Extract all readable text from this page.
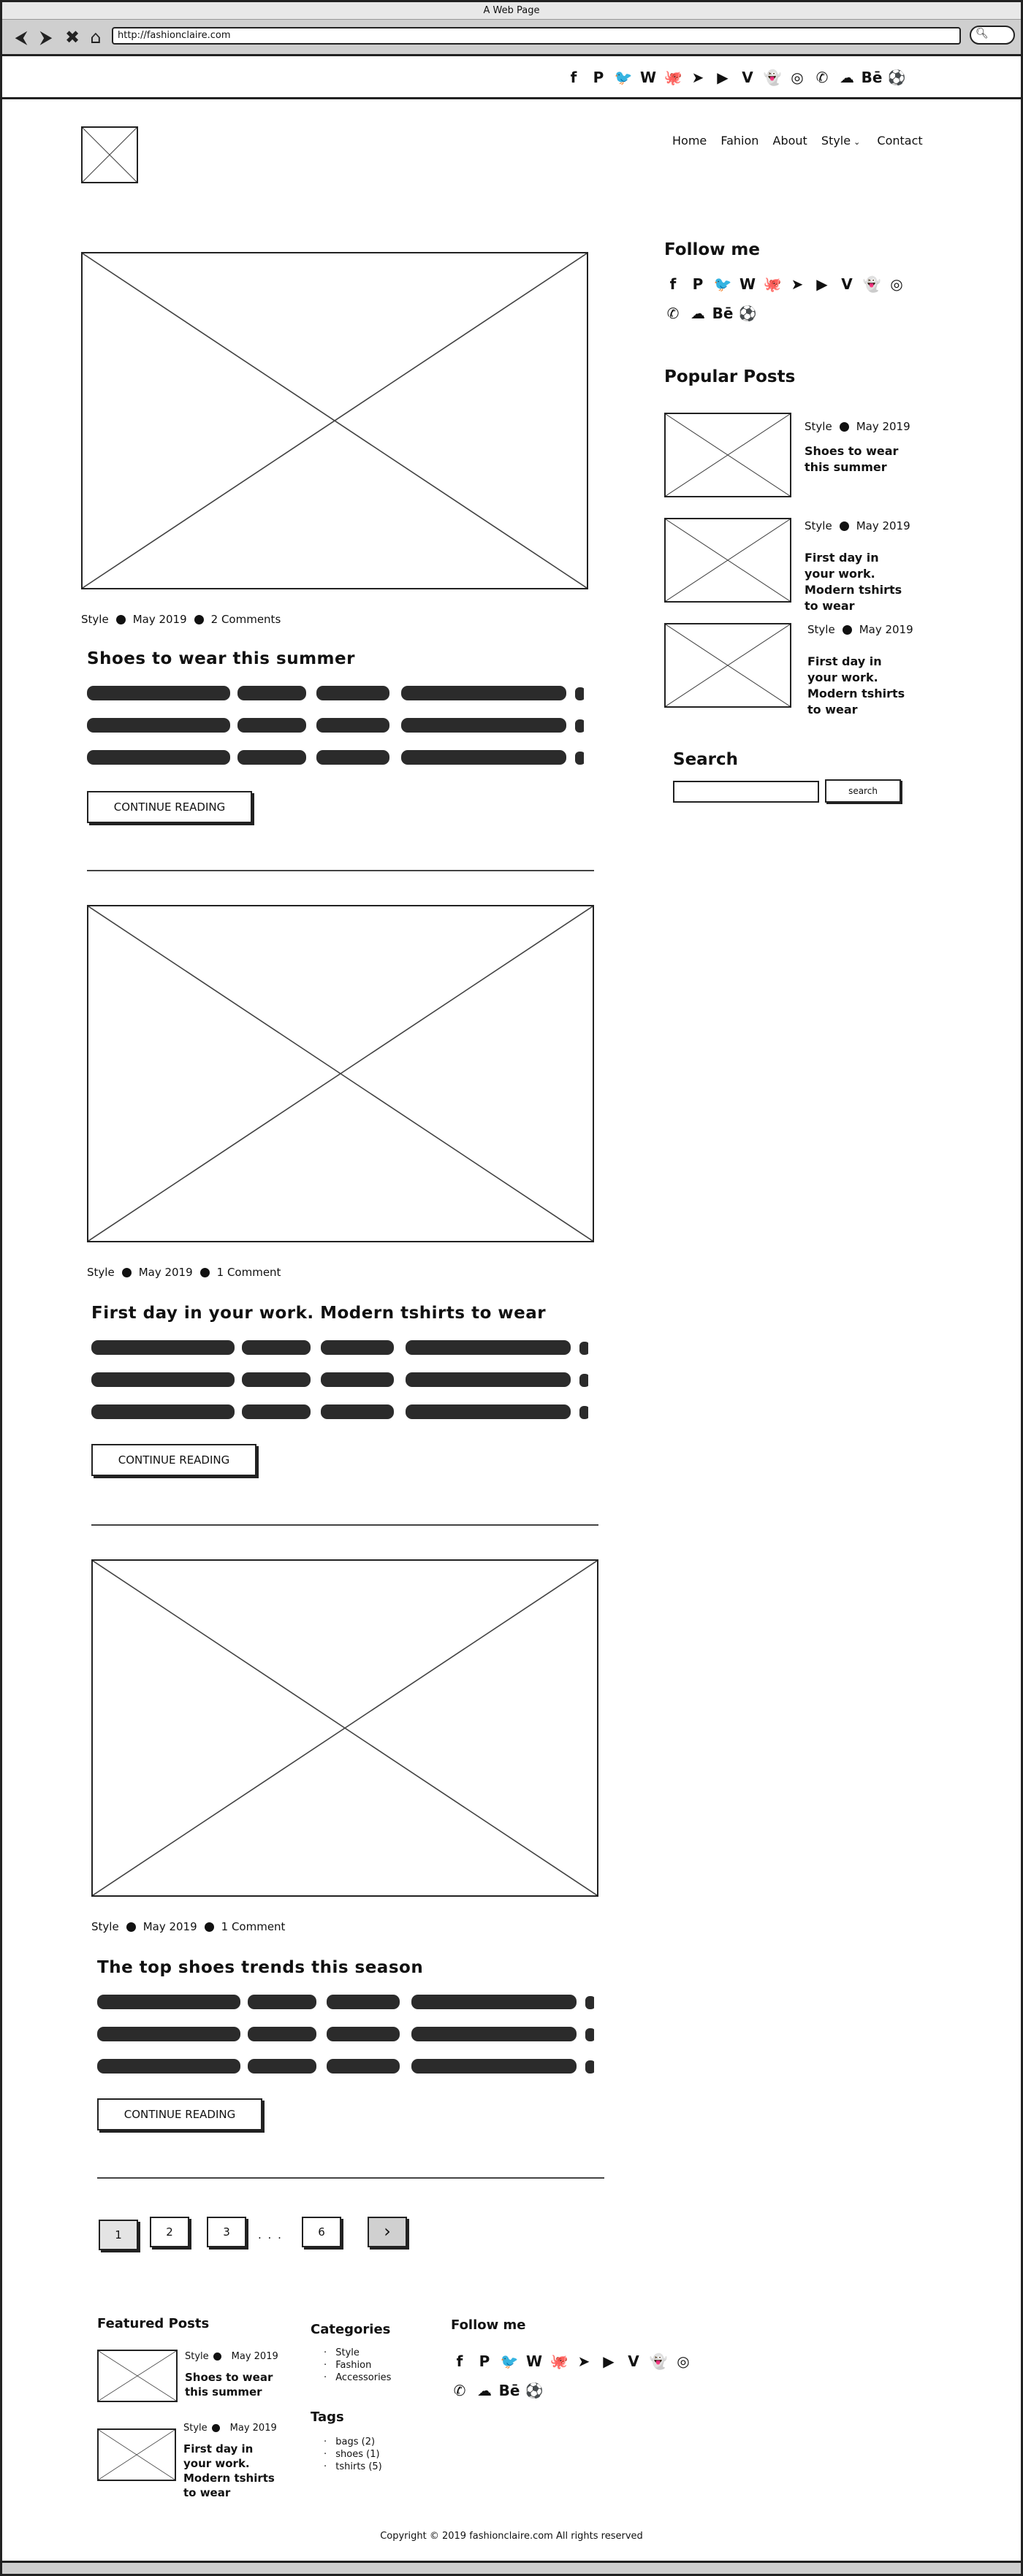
A Web Page
⮜ ⮞ ✖ ⌂	http://fashionclaire.com	🔍︎
f	𝗣 🐦 W 🐙 ➤ ▶ V 👻 ◎ ✆ ☁ Bē ⚽
Home Fahion About Style ⌄ Contact
Style May 2019 2 Comments
Shoes to wear this summer
CONTINUE READING
Style May 2019 1 Comment
First day in your work. Modern tshirts to wear
CONTINUE READING
Style May 2019 1 Comment
The top shoes trends this season
CONTINUE READING
Follow me
f	𝗣 🐦 W 🐙 ➤ ▶ V 👻 ◎
✆ ☁ Bē ⚽
Popular Posts
Style May 2019
Shoes to wear this summer
Style May 2019
First day in your work. Modern tshirts to wear
Style May 2019
First day in your work. Modern tshirts to wear
Search
search
1	2	3	. . .	6	›
Featured Posts
Style May 2019
Shoes to wear this summer
Style May 2019
First day in your work. Modern tshirts to wear
Categories
· Style
· Fashion
· Accessories
Tags
· bags (2)
· shoes (1)
· tshirts (5)
Follow me
f	𝗣 🐦 W 🐙 ➤ ▶ V 👻 ◎
✆ ☁ Bē ⚽
Copyright © 2019 fashionclaire.com All rights reserved
